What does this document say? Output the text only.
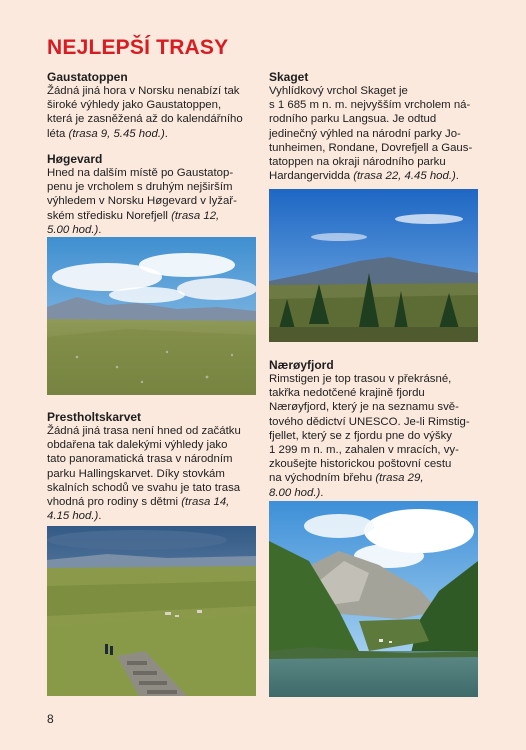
NEJLEPŠÍ TRASY
Gaustatoppen

Žádná jiná hora v Norsku nenabízí tak
široké výhledy jako Gaustatoppen,
která je zasněžená až do kalendářního
léta (trasa 9, 5.45 hod.).

Høgevard

Hned na dalším místě po Gaustatop-
penu je vrcholem s druhým nejširším
výhledem v Norsku Høgevard v lyžař-
ském středisku Norefjell (trasa 12,
5.00 hod.).

Prestholtskarvet

Žádná jiná trasa není hned od začátku
obdařena tak dalekými výhledy jako
tato panoramatická trasa v národním
parku Hallingskarvet. Díky stovkám
skalních schodů ve svahu je tato trasa
vhodná pro rodiny s dětmi (trasa 14,
4.15 hod.).

Skaget

Vyhlídkový vrchol Skaget je
s 1 685 m n. m. nejvyšším vrcholem ná-
rodního parku Langsua. Je odtud
jedinečný výhled na národní parky Jo-
tunheimen, Rondane, Dovrefjell a Gaus-
tatoppen na okraji národního parku
Hardangervidda (trasa 22, 4.45 hod.).

Nærøyfjord

Rimstigen je top trasou v překrásné,
takřka nedotčené krajině fjordu
Nærøyfjord, který je na seznamu svě-
tového dědictví UNESCO. Je-li Rimstig-
fjellet, který se z fjordu pne do výšky
1 299 m n. m., zahalen v mracích, vy-
zkoušejte historickou poštovní cestu
na východním břehu (trasa 29,
8.00 hod.).

8
